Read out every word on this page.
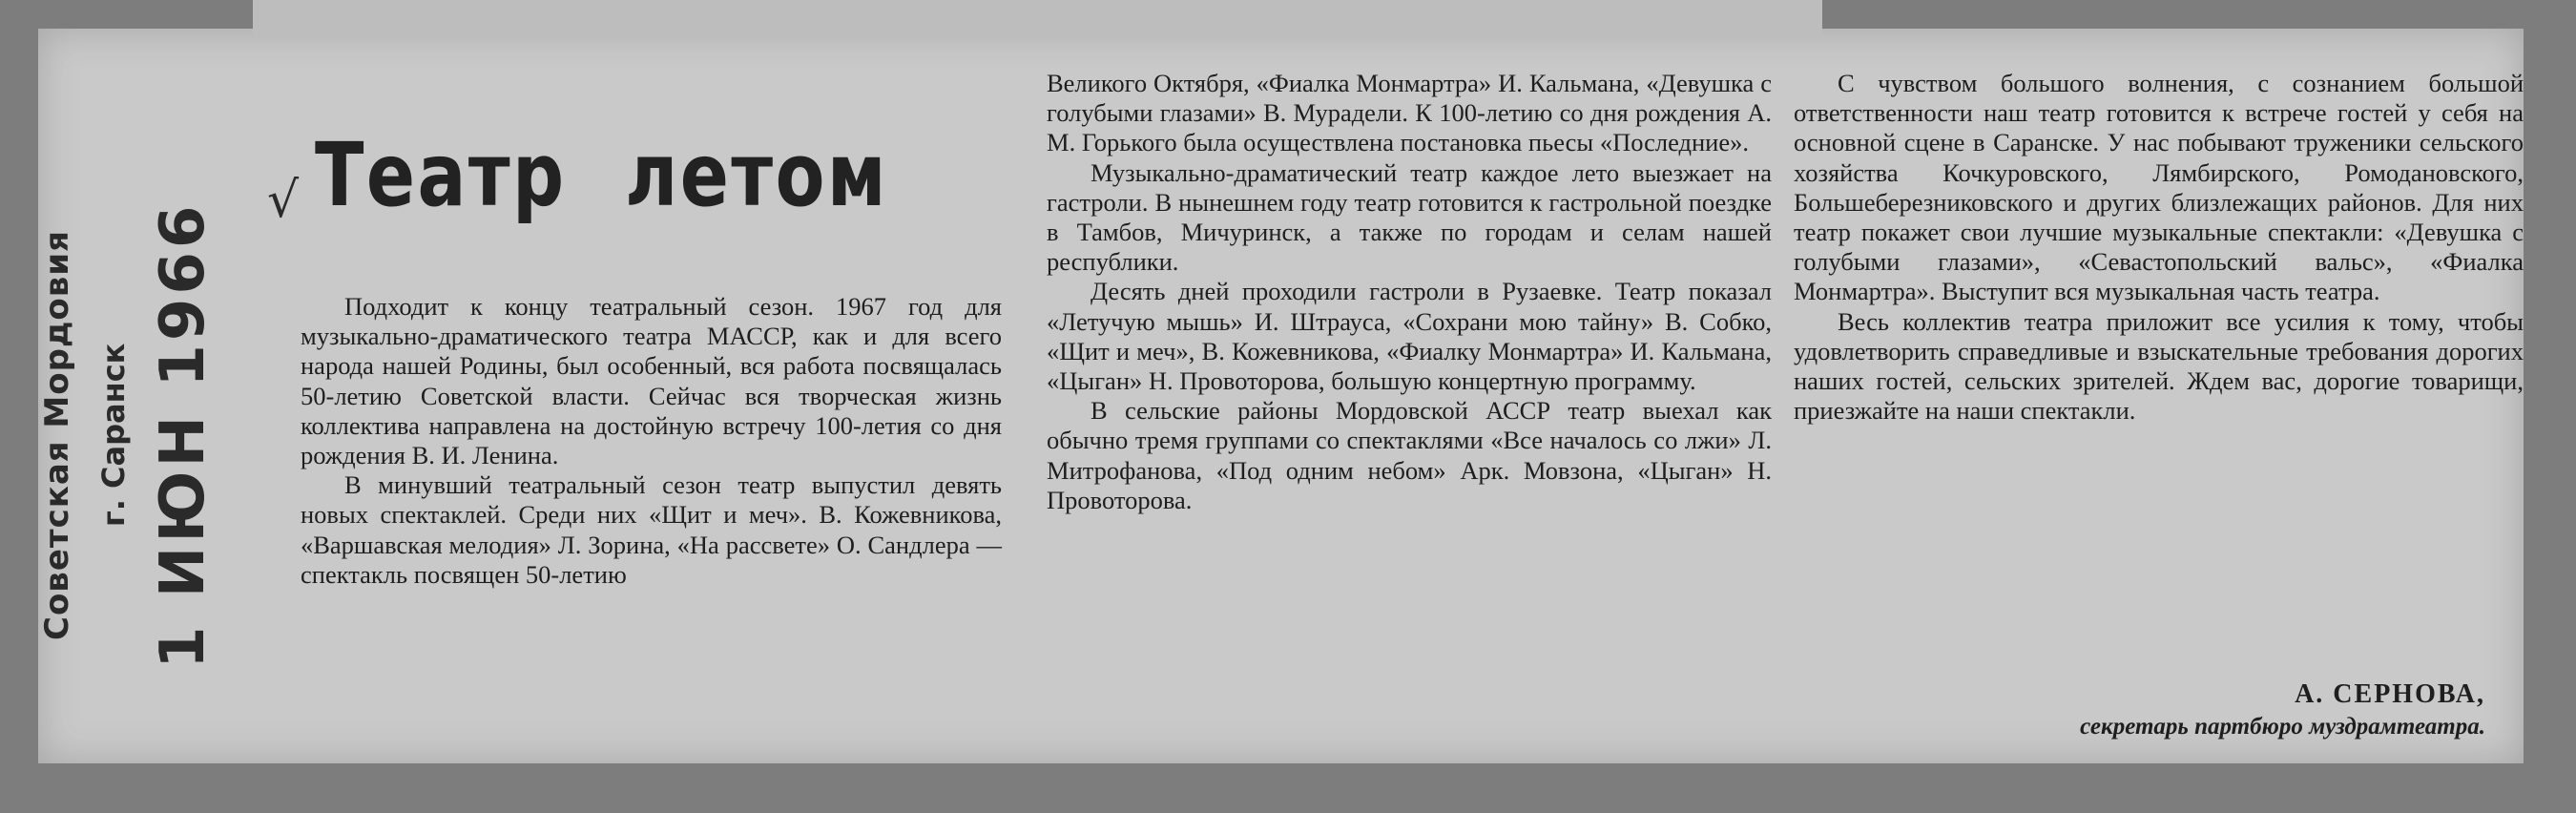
Советская Мордовия г. Саранск 1 ИЮН 1966
√ Театр летом

Подходит к концу театральный сезон. 1967 год для музыкально-драматического театра МАССР, как и для всего народа нашей Родины, был особенный, вся работа посвящалась 50-летию Советской власти. Сейчас вся творческая жизнь коллектива направлена на достойную встречу 100-летия со дня рождения В. И. Ленина.

В минувший театральный сезон театр выпустил девять новых спектаклей. Среди них «Щит и меч». В. Кожевникова, «Варшавская мелодия» Л. Зорина, «На рассвете» О. Сандлера — спектакль посвящен 50-летию

Великого Октября, «Фиалка Монмартра» И. Кальмана, «Девушка с голубыми глазами» В. Мурадели. К 100-летию со дня рождения А. М. Горького была осуществлена постановка пьесы «Последние».

Музыкально-драматический театр каждое лето выезжает на гастроли. В нынешнем году театр готовится к гастрольной поездке в Тамбов, Мичуринск, а также по городам и селам нашей республики.

Десять дней проходили гастроли в Рузаевке. Театр показал «Летучую мышь» И. Штрауса, «Сохрани мою тайну» В. Собко, «Щит и меч», В. Кожевникова, «Фиалку Монмартра» И. Кальмана, «Цыган» Н. Провоторова, большую концертную программу.

В сельские районы Мордовской АССР театр выехал как обычно тремя группами со спектаклями «Все началось со лжи» Л. Митрофанова, «Под одним небом» Арк. Мовзона, «Цыган» Н. Провоторова.

С чувством большого волнения, с сознанием большой ответственности наш театр готовится к встрече гостей у себя на основной сцене в Саранске. У нас побывают труженики сельского хозяйства Кочкуровского, Лямбирского, Ромодановского, Большеберезниковского и других близлежащих районов. Для них театр покажет свои лучшие музыкальные спектакли: «Девушка с голубыми глазами», «Севастопольский вальс», «Фиалка Монмартра». Выступит вся музыкальная часть театра.

Весь коллектив театра приложит все усилия к тому, чтобы удовлетворить справедливые и взыскательные требования дорогих наших гостей, сельских зрителей. Ждем вас, дорогие товарищи, приезжайте на наши спектакли.

А. СЕРНОВА,
секретарь партбюро муздрамтеатра.
